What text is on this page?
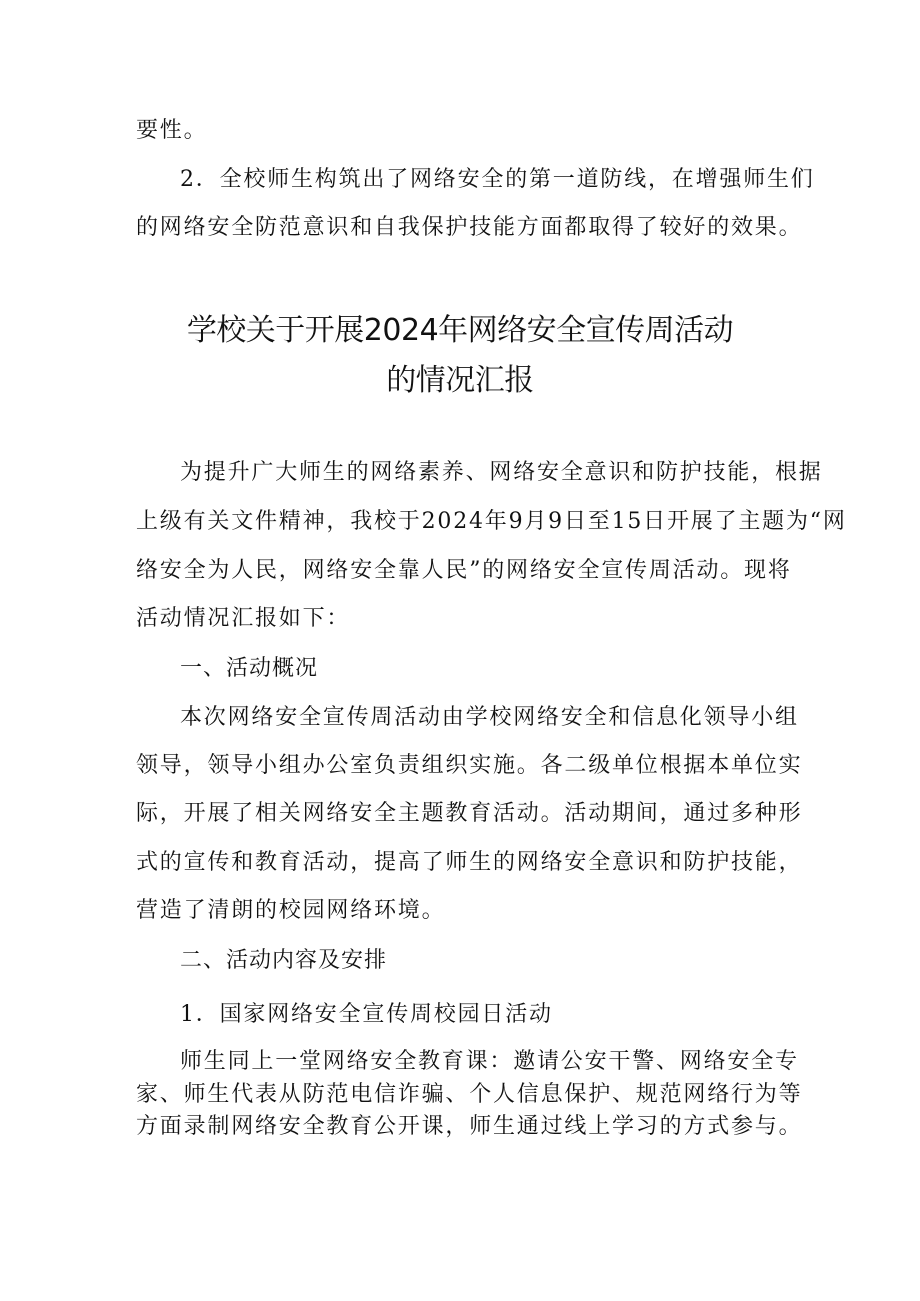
要性。
2．全校师生构筑出了网络安全的第一道防线，在增强师生们
的网络安全防范意识和自我保护技能方面都取得了较好的效果。
学校关于开展2024年网络安全宣传周活动
的情况汇报
为提升广大师生的网络素养、网络安全意识和防护技能，根据
上级有关文件精神，我校于2024年9月9日至15日开展了主题为“网
络安全为人民，网络安全靠人民”的网络安全宣传周活动。现将
活动情况汇报如下：
一、活动概况
本次网络安全宣传周活动由学校网络安全和信息化领导小组
领导，领导小组办公室负责组织实施。各二级单位根据本单位实
际，开展了相关网络安全主题教育活动。活动期间，通过多种形
式的宣传和教育活动，提高了师生的网络安全意识和防护技能，
营造了清朗的校园网络环境。
二、活动内容及安排
1．国家网络安全宣传周校园日活动
师生同上一堂网络安全教育课：邀请公安干警、网络安全专
家、师生代表从防范电信诈骗、个人信息保护、规范网络行为等
方面录制网络安全教育公开课，师生通过线上学习的方式参与。
